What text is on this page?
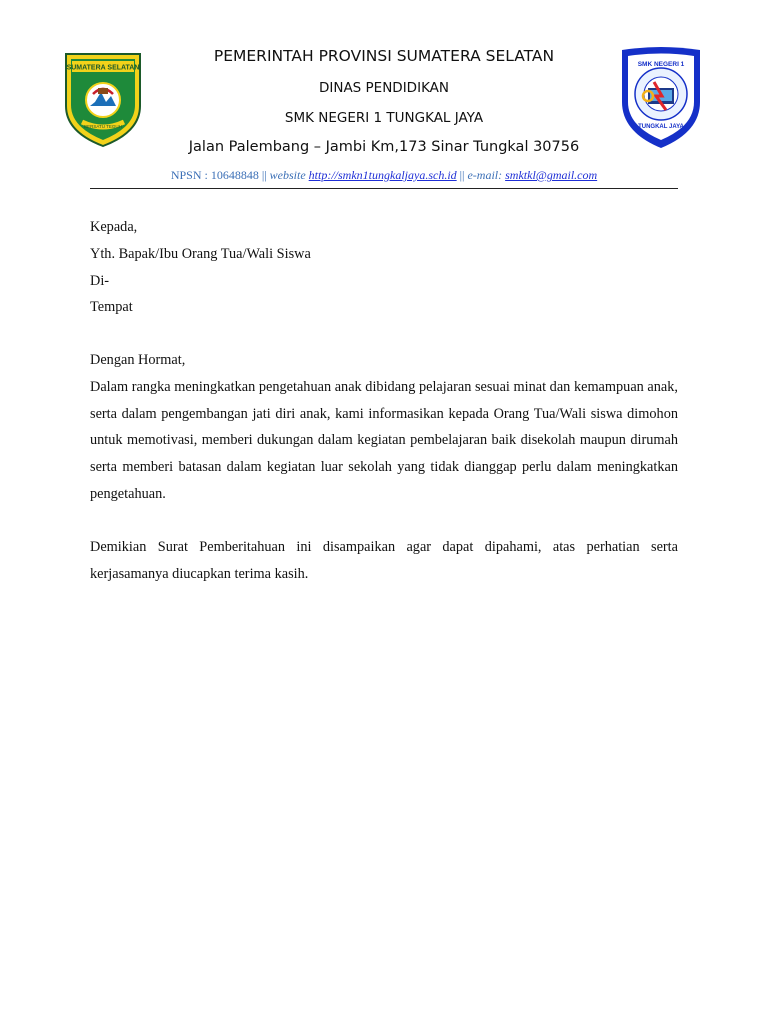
SUMATERA SELATAN
BERSATU TEGUH
PEMERINTAH PROVINSI SUMATERA SELATAN
DINAS PENDIDIKAN
SMK NEGERI 1 TUNGKAL JAYA
Jalan Palembang – Jambi Km,173 Sinar Tungkal 30756
NPSN : 10648848 || website http://smkn1tungkaljaya.sch.id || e-mail: smktkl@gmail.com
SMK NEGERI 1
TUNGKAL JAYA
Kepada,
Yth. Bapak/Ibu Orang Tua/Wali Siswa
Di-
Tempat
Dengan Hormat,
Dalam rangka meningkatkan pengetahuan anak dibidang pelajaran sesuai minat dan kemampuan anak, serta dalam pengembangan jati diri anak, kami informasikan kepada Orang Tua/Wali siswa dimohon untuk memotivasi, memberi dukungan dalam kegiatan pembelajaran baik disekolah maupun dirumah serta memberi batasan dalam kegiatan luar sekolah yang tidak dianggap perlu dalam meningkatkan pengetahuan.
Demikian Surat Pemberitahuan ini disampaikan agar dapat dipahami, atas perhatian serta kerjasamanya diucapkan terima kasih.
